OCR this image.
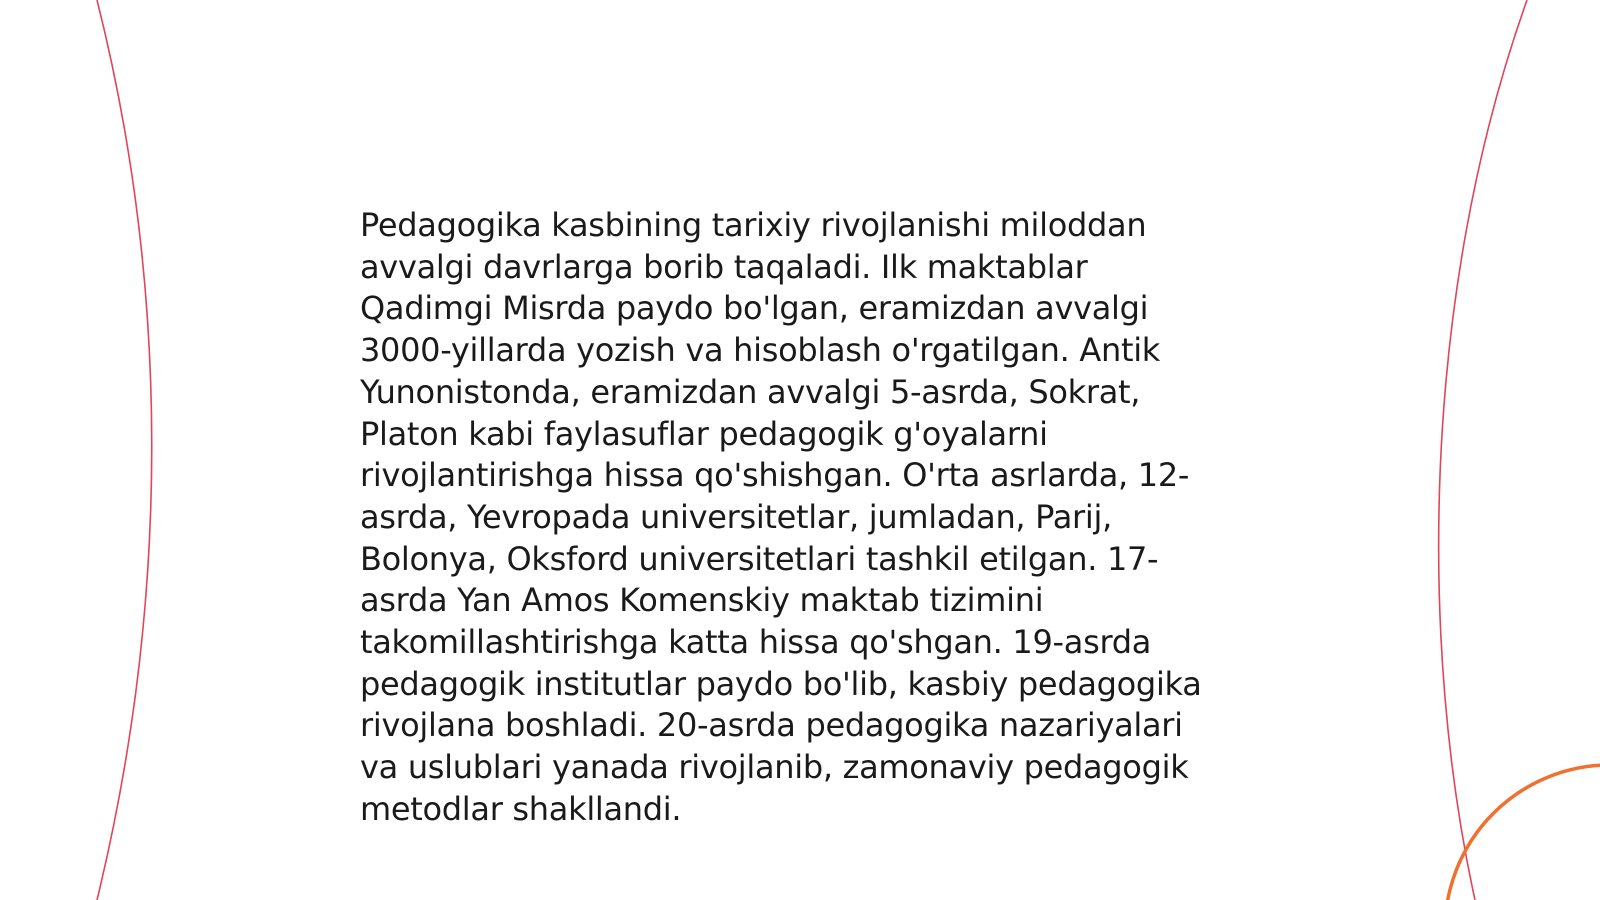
Pedagogika kasbining tarixiy rivojlanishi miloddan
avvalgi davrlarga borib taqaladi. Ilk maktablar
Qadimgi Misrda paydo bo'lgan, eramizdan avvalgi
3000-yillarda yozish va hisoblash o'rgatilgan. Antik
Yunonistonda, eramizdan avvalgi 5-asrda, Sokrat,
Platon kabi faylasuflar pedagogik g'oyalarni
rivojlantirishga hissa qo'shishgan. O'rta asrlarda, 12-
asrda, Yevropada universitetlar, jumladan, Parij,
Bolonya, Oksford universitetlari tashkil etilgan. 17-
asrda Yan Amos Komenskiy maktab tizimini
takomillashtirishga katta hissa qo'shgan. 19-asrda
pedagogik institutlar paydo bo'lib, kasbiy pedagogika
rivojlana boshladi. 20-asrda pedagogika nazariyalari
va uslublari yanada rivojlanib, zamonaviy pedagogik
metodlar shakllandi.
